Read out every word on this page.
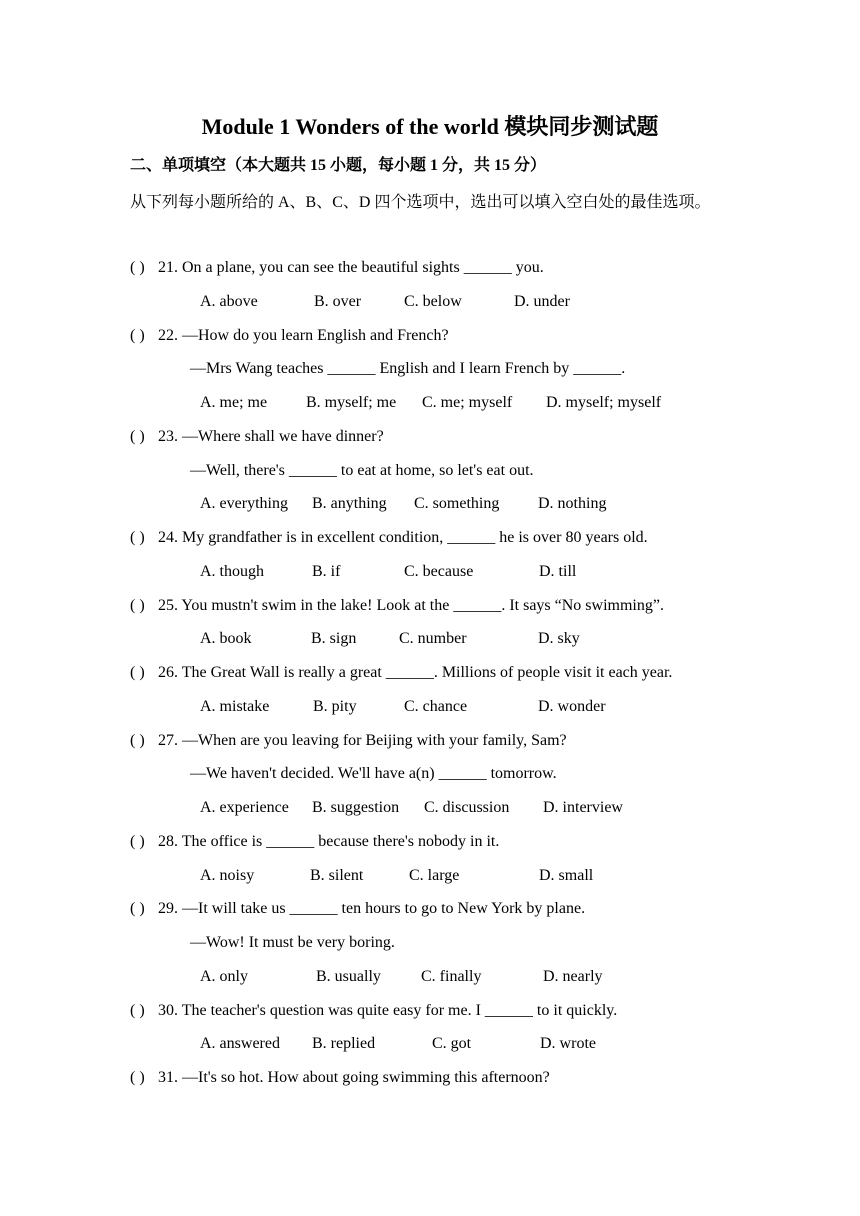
Module 1 Wonders of the world 模块同步测试题
二、单项填空（本大题共 15 小题，每小题 1 分，共 15 分）
从下列每小题所给的 A、B、C、D 四个选项中，选出可以填入空白处的最佳选项。
( ) 21. On a plane, you can see the beautiful sights ______ you.
A. above	B. over	C. below	D. under
( ) 22. —How do you learn English and French?
—Mrs Wang teaches ______ English and I learn French by ______.
A. me; me B. myself; me C. me; myself D. myself; myself
( ) 23. —Where shall we have dinner?
—Well, there's ______ to eat at home, so let's eat out.
A. everything B. anything C. something D. nothing
( ) 24. My grandfather is in excellent condition, ______ he is over 80 years old.
A. though	B. if	C. because	D. till
( ) 25. You mustn't swim in the lake! Look at the ______. It says “No swimming”.
A. book	B. sign	C. number	D. sky
( ) 26. The Great Wall is really a great ______. Millions of people visit it each year.
A. mistake	B. pity	C. chance	D. wonder
( ) 27. —When are you leaving for Beijing with your family, Sam?
—We haven't decided. We'll have a(n) ______ tomorrow.
A. experience B. suggestion C. discussion D. interview
( ) 28. The office is ______ because there's nobody in it.
A. noisy	B. silent	C. large	D. small
( ) 29. —It will take us ______ ten hours to go to New York by plane.
—Wow! It must be very boring.
A. only	B. usually	C. finally	D. nearly
( ) 30. The teacher's question was quite easy for me. I ______ to it quickly.
A. answered B. replied	C. got	D. wrote
( ) 31. —It's so hot. How about going swimming this afternoon?
